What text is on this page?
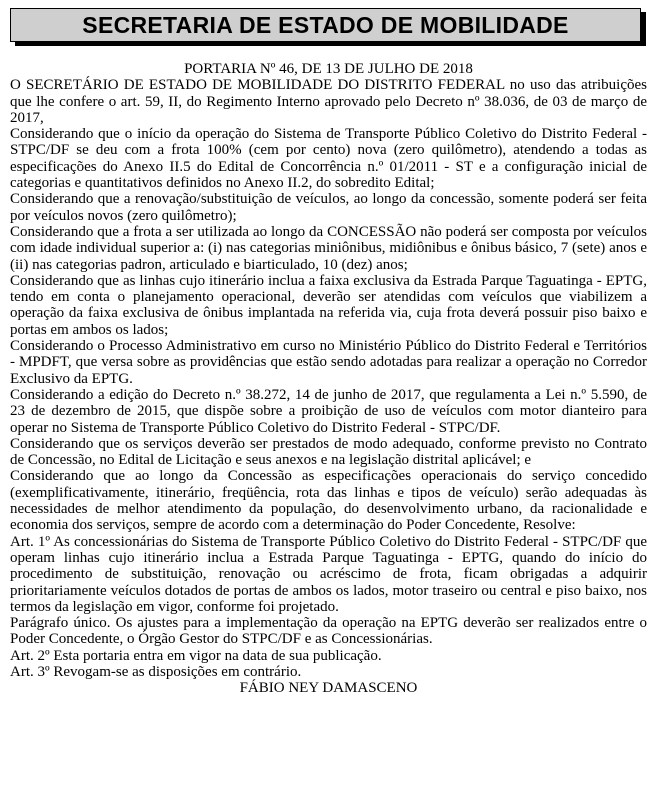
SECRETARIA DE ESTADO DE MOBILIDADE

PORTARIA Nº 46, DE 13 DE JULHO DE 2018

O SECRETÁRIO DE ESTADO DE MOBILIDADE DO DISTRITO FEDERAL no uso das atribuições que lhe confere o art. 59, II, do Regimento Interno aprovado pelo Decreto nº 38.036, de 03 de março de 2017,

Considerando que o início da operação do Sistema de Transporte Público Coletivo do Distrito Federal - STPC/DF se deu com a frota 100% (cem por cento) nova (zero quilômetro), atendendo a todas as especificações do Anexo II.5 do Edital de Concorrência n.º 01/2011 - ST e a configuração inicial de categorias e quantitativos definidos no Anexo II.2, do sobredito Edital;

Considerando que a renovação/substituição de veículos, ao longo da concessão, somente poderá ser feita por veículos novos (zero quilômetro);

Considerando que a frota a ser utilizada ao longo da CONCESSÃO não poderá ser composta por veículos com idade individual superior a: (i) nas categorias miniônibus, midiônibus e ônibus básico, 7 (sete) anos e (ii) nas categorias padron, articulado e biarticulado, 10 (dez) anos;

Considerando que as linhas cujo itinerário inclua a faixa exclusiva da Estrada Parque Taguatinga - EPTG, tendo em conta o planejamento operacional, deverão ser atendidas com veículos que viabilizem a operação da faixa exclusiva de ônibus implantada na referida via, cuja frota deverá possuir piso baixo e portas em ambos os lados;

Considerando o Processo Administrativo em curso no Ministério Público do Distrito Federal e Territórios - MPDFT, que versa sobre as providências que estão sendo adotadas para realizar a operação no Corredor Exclusivo da EPTG.

Considerando a edição do Decreto n.º 38.272, 14 de junho de 2017, que regulamenta a Lei n.º 5.590, de 23 de dezembro de 2015, que dispõe sobre a proibição de uso de veículos com motor dianteiro para operar no Sistema de Transporte Público Coletivo do Distrito Federal - STPC/DF.

Considerando que os serviços deverão ser prestados de modo adequado, conforme previsto no Contrato de Concessão, no Edital de Licitação e seus anexos e na legislação distrital aplicável; e

Considerando que ao longo da Concessão as especificações operacionais do serviço concedido (exemplificativamente, itinerário, freqüência, rota das linhas e tipos de veículo) serão adequadas às necessidades de melhor atendimento da população, do desenvolvimento urbano, da racionalidade e economia dos serviços, sempre de acordo com a determinação do Poder Concedente, Resolve:

Art. 1º As concessionárias do Sistema de Transporte Público Coletivo do Distrito Federal - STPC/DF que operam linhas cujo itinerário inclua a Estrada Parque Taguatinga - EPTG, quando do início do procedimento de substituição, renovação ou acréscimo de frota, ficam obrigadas a adquirir prioritariamente veículos dotados de portas de ambos os lados, motor traseiro ou central e piso baixo, nos termos da legislação em vigor, conforme foi projetado.

Parágrafo único. Os ajustes para a implementação da operação na EPTG deverão ser realizados entre o Poder Concedente, o Órgão Gestor do STPC/DF e as Concessionárias.

Art. 2º Esta portaria entra em vigor na data de sua publicação.

Art. 3º Revogam-se as disposições em contrário.

FÁBIO NEY DAMASCENO
